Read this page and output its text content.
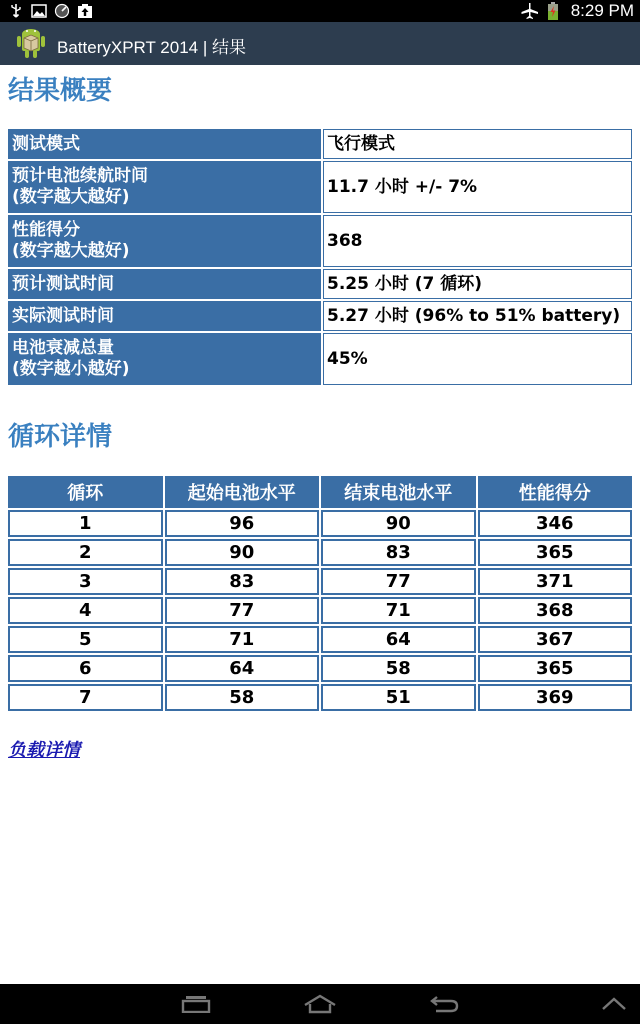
8:29 PM
BatteryXPRT 2014 | 结果
结果概要
测试模式	飞行模式
预计电池续航时间
(数字越大越好)	11.7 小时 +/- 7%
性能得分
(数字越大越好)	368
预计测试时间	5.25 小时 (7 循环)
实际测试时间	5.27 小时 (96% to 51% battery)
电池衰减总量
(数字越小越好)	45%
循环详情
循环	起始电池水平	结束电池水平	性能得分
1	96	90	346
2	90	83	365
3	83	77	371
4	77	71	368
5	71	64	367
6	64	58	365
7	58	51	369
负载详情
